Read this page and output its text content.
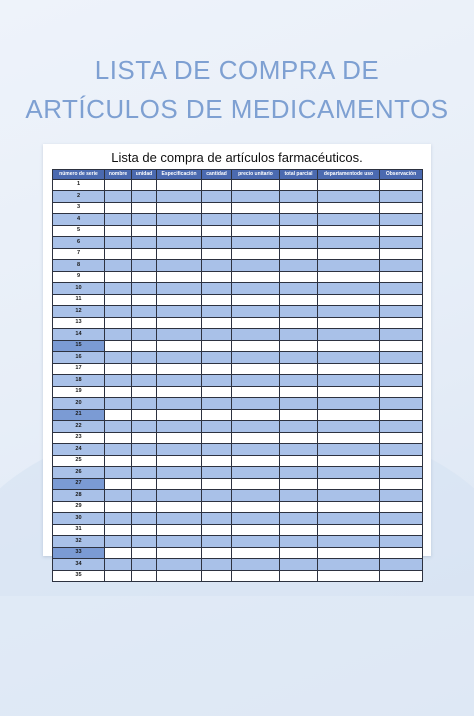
LISTA DE COMPRA DE
ARTÍCULOS DE MEDICAMENTOS
Lista de compra de artículos farmacéuticos.
número de serie	nombre	unidad	Especificación	cantidad	precio unitario	total parcial	departamentode uso	Observación
1								
2								
3								
4								
5								
6								
7								
8								
9								
10								
11								
12								
13								
14								
15								
16								
17								
18								
19								
20								
21								
22								
23								
24								
25								
26								
27								
28								
29								
30								
31								
32								
33								
34								
35								
